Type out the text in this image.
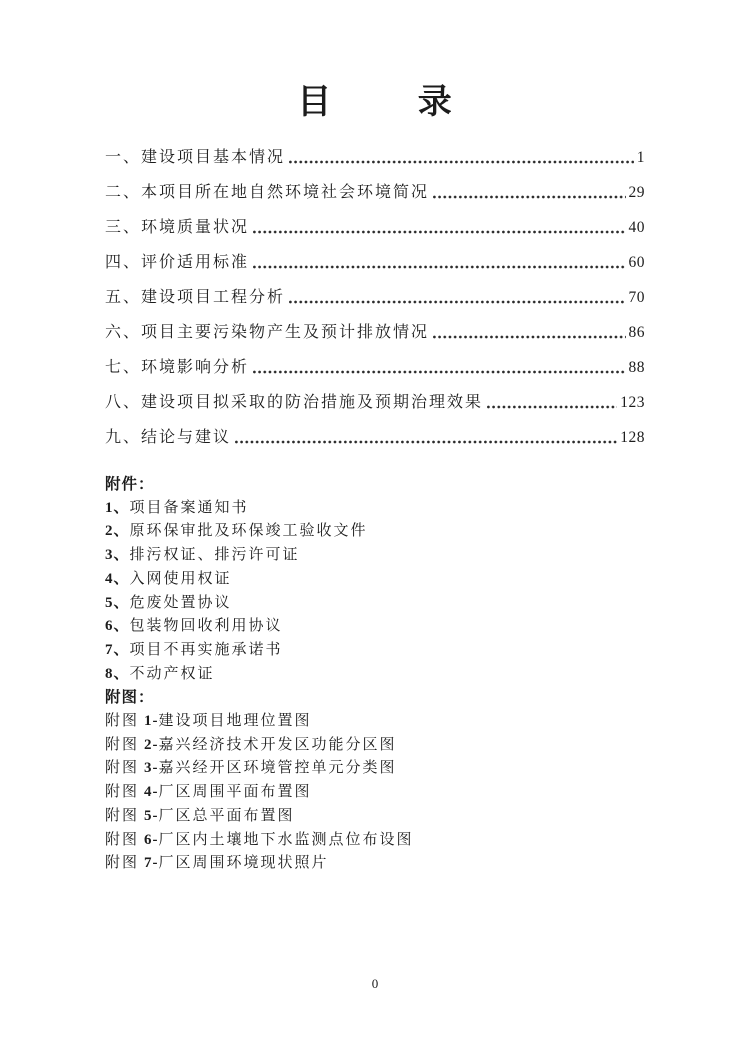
目 录
一、建设项目基本情况	1
二、本项目所在地自然环境社会环境简况	29
三、环境质量状况	40
四、评价适用标准	60
五、建设项目工程分析	70
六、项目主要污染物产生及预计排放情况	86
七、环境影响分析	88
八、建设项目拟采取的防治措施及预期治理效果	123
九、结论与建议	128
附件：
1、项目备案通知书
2、原环保审批及环保竣工验收文件
3、排污权证、排污许可证
4、入网使用权证
5、危废处置协议
6、包装物回收利用协议
7、项目不再实施承诺书
8、不动产权证
附图：
附图 1-建设项目地理位置图
附图 2-嘉兴经济技术开发区功能分区图
附图 3-嘉兴经开区环境管控单元分类图
附图 4-厂区周围平面布置图
附图 5-厂区总平面布置图
附图 6-厂区内土壤地下水监测点位布设图
附图 7-厂区周围环境现状照片
0
